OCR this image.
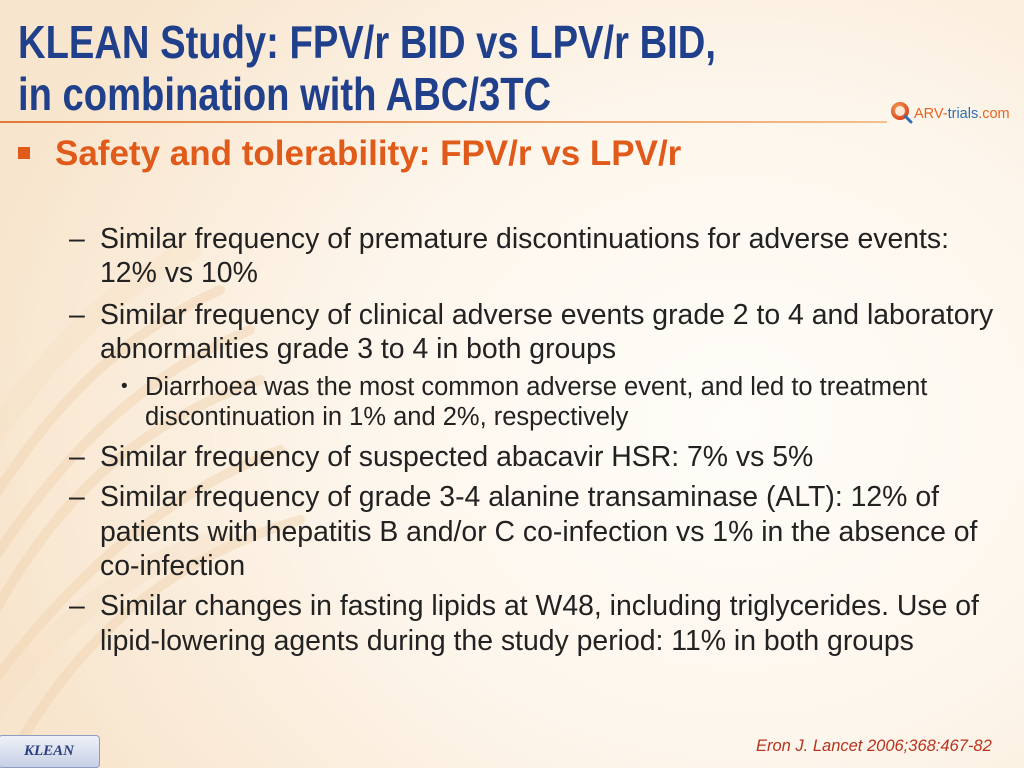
KLEAN Study: FPV/r BID vs LPV/r BID,
in combination with ABC/3TC	ARV-trials.com
Safety and tolerability: FPV/r vs LPV/r
– Similar frequency of premature discontinuations for adverse events:
12% vs 10%
– Similar frequency of clinical adverse events grade 2 to 4 and laboratory
abnormalities grade 3 to 4 in both groups
• Diarrhoea was the most common adverse event, and led to treatment
discontinuation in 1% and 2%, respectively
– Similar frequency of suspected abacavir HSR: 7% vs 5%
– Similar frequency of grade 3-4 alanine transaminase (ALT): 12% of
patients with hepatitis B and/or C co-infection vs 1% in the absence of
co-infection
– Similar changes in fasting lipids at W48, including triglycerides. Use of
lipid-lowering agents during the study period: 11% in both groups
KLEAN	Eron J. Lancet 2006;368:467-82
